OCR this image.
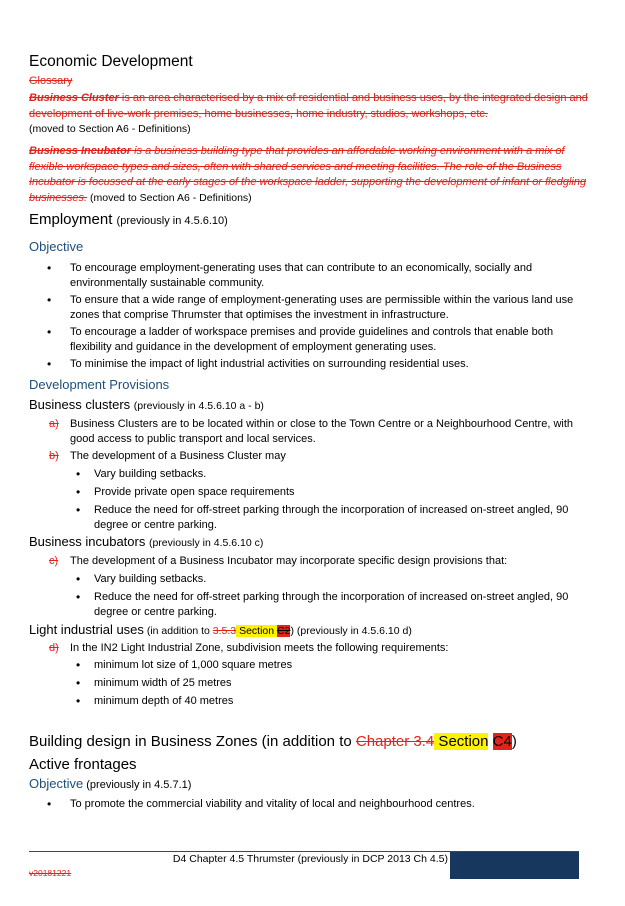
Economic Development
Glossary
Business Cluster is an area characterised by a mix of residential and business uses, by the integrated design and development of live-work premises, home businesses, home industry, studios, workshops, etc.
(moved to Section A6 - Definitions)
Business Incubator is a business building type that provides an affordable working environment with a mix of flexible workspace types and sizes, often with shared services and meeting facilities. The role of the Business Incubator is focussed at the early stages of the workspace ladder, supporting the development of infant or fledgling businesses. (moved to Section A6 - Definitions)
Employment (previously in 4.5.6.10)
Objective
• To encourage employment-generating uses that can contribute to an economically, socially and environmentally sustainable community.
• To ensure that a wide range of employment-generating uses are permissible within the various land use zones that comprise Thrumster that optimises the investment in infrastructure.
• To encourage a ladder of workspace premises and provide guidelines and controls that enable both flexibility and guidance in the development of employment generating uses.
• To minimise the impact of light industrial activities on surrounding residential uses.
Development Provisions
Business clusters (previously in 4.5.6.10 a - b)
a)	Business Clusters are to be located within or close to the Town Centre or a Neighbourhood Centre, with good access to public transport and local services.
b)	The development of a Business Cluster may
• Vary building setbacks.
• Provide private open space requirements
• Reduce the need for off-street parking through the incorporation of increased on-street angled, 90 degree or centre parking.
Business incubators (previously in 4.5.6.10 c)
c)	The development of a Business Incubator may incorporate specific design provisions that:
• Vary building setbacks.
• Reduce the need for off-street parking through the incorporation of increased on-street angled, 90 degree or centre parking.
Light industrial uses (in addition to 3.5.3 Section C2) (previously in 4.5.6.10 d)
d)	In the IN2 Light Industrial Zone, subdivision meets the following requirements:
• minimum lot size of 1,000 square metres
• minimum width of 25 metres
• minimum depth of 40 metres
Building design in Business Zones (in addition to Chapter 3.4 Section C4)
Active frontages
Objective (previously in 4.5.7.1)
• To promote the commercial viability and vitality of local and neighbourhood centres.
D4 Chapter 4.5 Thrumster (previously in DCP 2013 Ch 4.5)
v20181221
